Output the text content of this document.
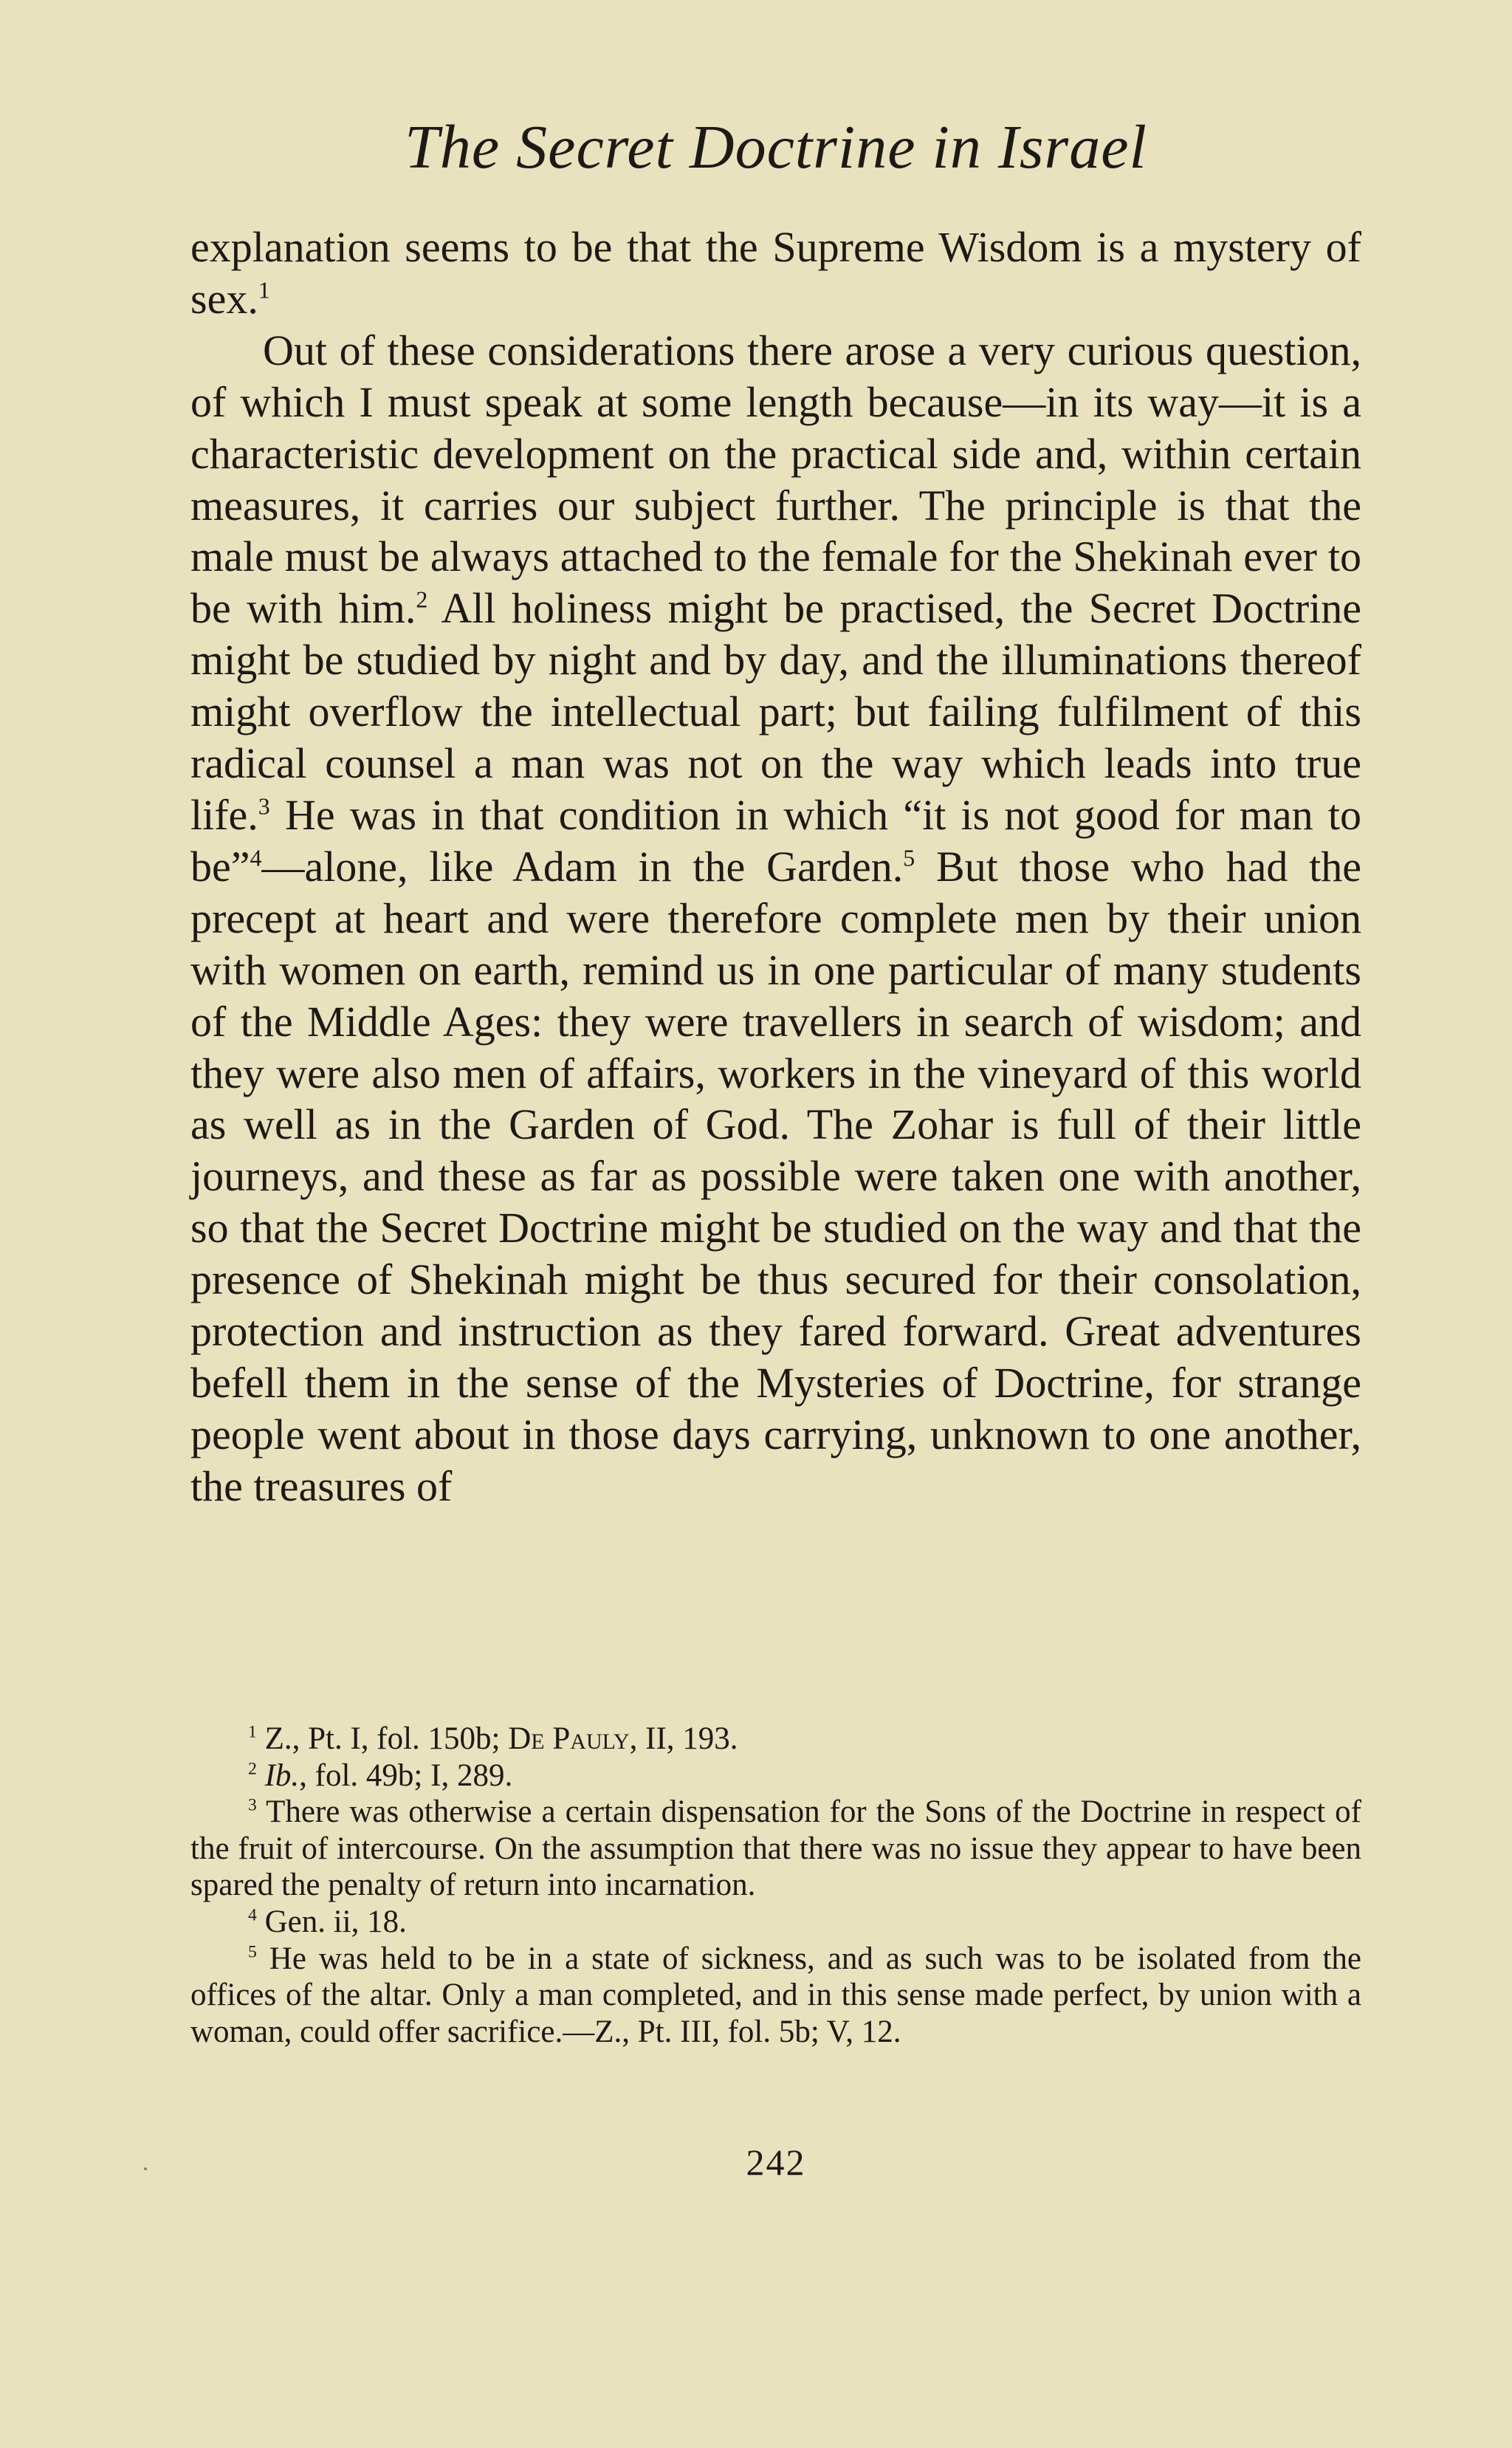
The Secret Doctrine in Israel

explanation seems to be that the Supreme Wisdom is a mystery of sex.$^1$

Out of these considerations there arose a very curious question, of which I must speak at some length because—in its way—it is a characteristic development on the practical side and, within certain measures, it carries our subject further. The principle is that the male must be always attached to the female for the Shekinah ever to be with him.$^2$ All holiness might be practised, the Secret Doctrine might be studied by night and by day, and the illuminations thereof might overflow the intellectual part; but failing fulfilment of this radical counsel a man was not on the way which leads into true life.$^3$ He was in that condition in which “it is not good for man to be”$^4$—alone, like Adam in the Garden.$^5$ But those who had the precept at heart and were therefore complete men by their union with women on earth, remind us in one particular of many students of the Middle Ages: they were travellers in search of wisdom; and they were also men of affairs, workers in the vineyard of this world as well as in the Garden of God. The Zohar is full of their little journeys, and these as far as possible were taken one with another, so that the Secret Doctrine might be studied on the way and that the presence of Shekinah might be thus secured for their consolation, protection and instruction as they fared forward. Great adventures befell them in the sense of the Mysteries of Doctrine, for strange people went about in those days carrying, unknown to one another, the treasures of

$^1$ Z., Pt. I, fol. 150b; De Pauly, II, 193.

$^2$ Ib., fol. 49b; I, 289.

$^3$ There was otherwise a certain dispensation for the Sons of the Doctrine in respect of the fruit of intercourse. On the assumption that there was no issue they appear to have been spared the penalty of return into incarnation.

$^4$ Gen. ii, 18.

$^5$ He was held to be in a state of sickness, and as such was to be isolated from the offices of the altar. Only a man completed, and in this sense made perfect, by union with a woman, could offer sacrifice.—Z., Pt. III, fol. 5b; V, 12.

242
